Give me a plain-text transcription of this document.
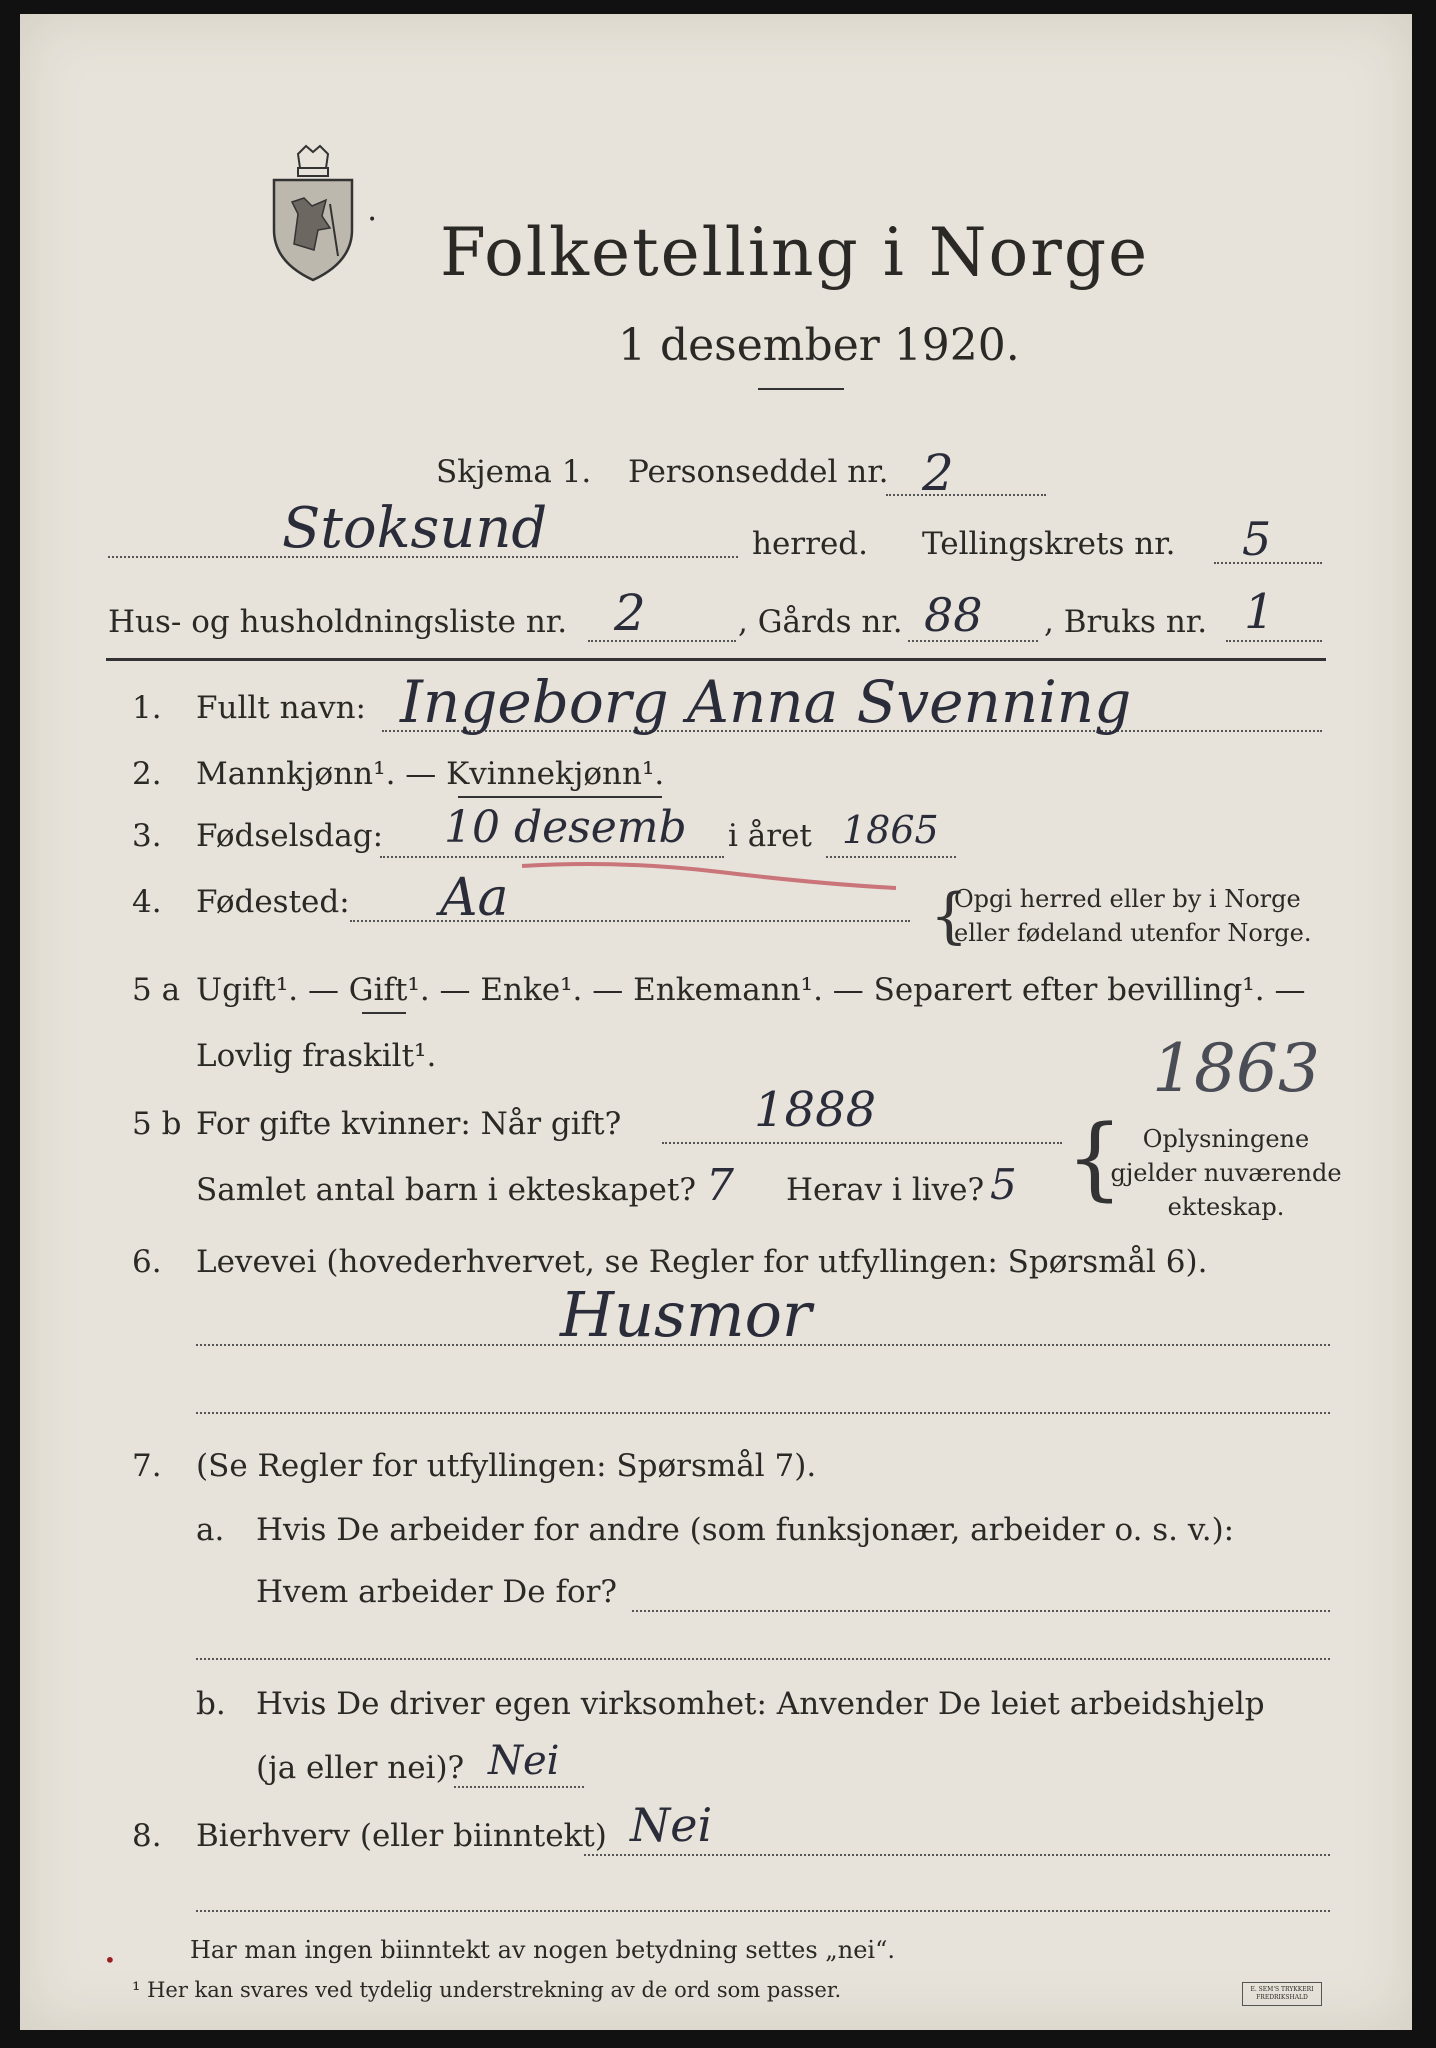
• Folketelling i Norge
1 desember 1920.
Skjema 1. Personseddel nr. 2
Stoksund	herred. Tellingskrets nr. 5
Hus- og husholdningsliste nr. 2	, Gårds nr. 88 , Bruks nr. 1
1. Fullt navn: Ingeborg Anna Svenning
2. Mannkjønn¹. — Kvinnekjønn¹.
3. Fødselsdag: 10 desemb i året 1865
4. Fødested: Aa	{
Opgi herred eller by i Norge
eller fødeland utenfor Norge.
5 a Ugift¹. — Gift¹. — Enke¹. — Enkemann¹. — Separert efter bevilling¹. —
Lovlig fraskilt¹.	1863
5 b For gifte kvinner: Når gift?	1888
Samlet antal barn i ekteskapet? 7 Herav i live? 5 { Oplysningene
gjelder nuværende
ekteskap.
6. Levevei (hovederhvervet, se Regler for utfyllingen: Spørsmål 6).
Husmor
7. (Se Regler for utfyllingen: Spørsmål 7).
a. Hvis De arbeider for andre (som funksjonær, arbeider o. s. v.):
Hvem arbeider De for?
b. Hvis De driver egen virksomhet: Anvender De leiet arbeidshjelp
(ja eller nei)? Nei
8. Bierhverv (eller biinntekt) Nei
•	Har man ingen biinntekt av nogen betydning settes „nei“.
¹ Her kan svares ved tydelig understrekning av de ord som passer.	E. SEM'S TRYKKERI FREDRIKSHALD
